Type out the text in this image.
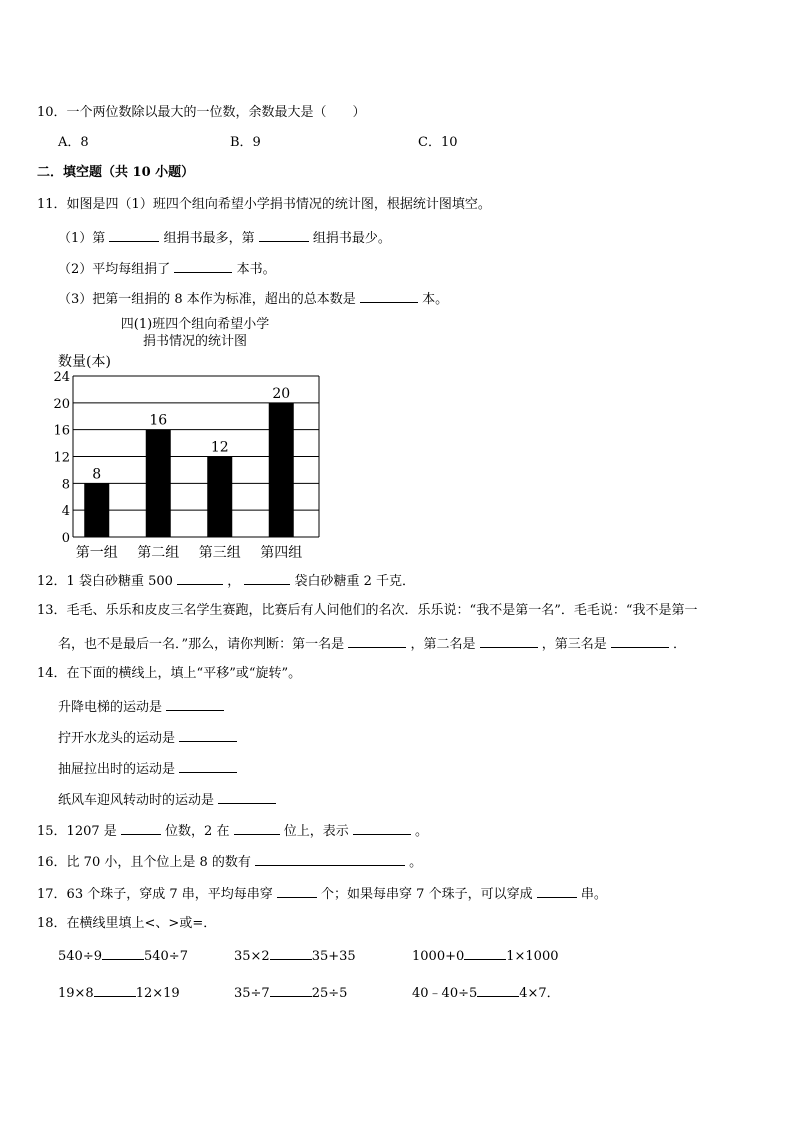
10．一个两位数除以最大的一位数，余数最大是（　　）
A．8	B．9	C．10
二．填空题（共 10 小题）
11．如图是四（1）班四个组向希望小学捐书情况的统计图，根据统计图填空。
（1）第	组捐书最多，第	组捐书最少。
（2）平均每组捐了	本书。
（3）把第一组捐的 8 本作为标准，超出的总本数是	本。
四(1)班四个组向希望小学
捐书情况的统计图
数量(本)
0
4
8
12
16
20
24
8
第一组
16
第二组
12
第三组
20
第四组
12．1 袋白砂糖重 500	，	袋白砂糖重 2 千克．
13．毛毛、乐乐和皮皮三名学生赛跑，比赛后有人问他们的名次．乐乐说：“我不是第一名”．毛毛说：“我不是第一
名，也不是最后一名．”那么，请你判断：第一名是	，第二名是	，第三名是	．
14．在下面的横线上，填上“平移”或“旋转”。
升降电梯的运动是
拧开水龙头的运动是
抽屉拉出时的运动是
纸风车迎风转动时的运动是
15．1207 是	位数，2 在	位上，表示	。
16．比 70 小，且个位上是 8 的数有	。
17．63 个珠子，穿成 7 串，平均每串穿	个；如果每串穿 7 个珠子，可以穿成	串。
18．在横线里填上<、>或=．
540÷9	540÷7	35×2	35+35	1000+0	1×1000
19×8	12×19	35÷7	25÷5	40﹣40÷5	4×7．
